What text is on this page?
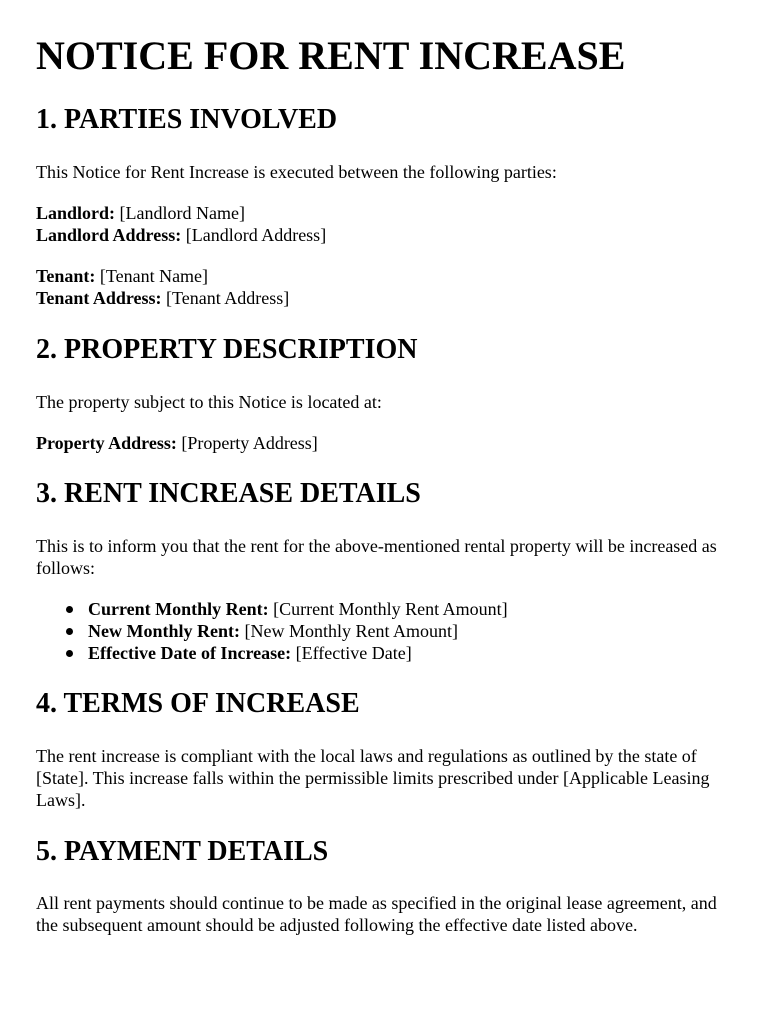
NOTICE FOR RENT INCREASE
1. PARTIES INVOLVED

This Notice for Rent Increase is executed between the following parties:

Landlord: [Landlord Name]
Landlord Address: [Landlord Address]
Tenant: [Tenant Name]
Tenant Address: [Tenant Address]
2. PROPERTY DESCRIPTION

The property subject to this Notice is located at:

Property Address: [Property Address]
3. RENT INCREASE DETAILS

This is to inform you that the rent for the above-mentioned rental property will be increased as follows:

Current Monthly Rent: [Current Monthly Rent Amount]
New Monthly Rent: [New Monthly Rent Amount]
Effective Date of Increase: [Effective Date]
4. TERMS OF INCREASE

The rent increase is compliant with the local laws and regulations as outlined by the state of [State]. This increase falls within the permissible limits prescribed under [Applicable Leasing Laws].

5. PAYMENT DETAILS

All rent payments should continue to be made as specified in the original lease agreement, and the subsequent amount should be adjusted following the effective date listed above.
